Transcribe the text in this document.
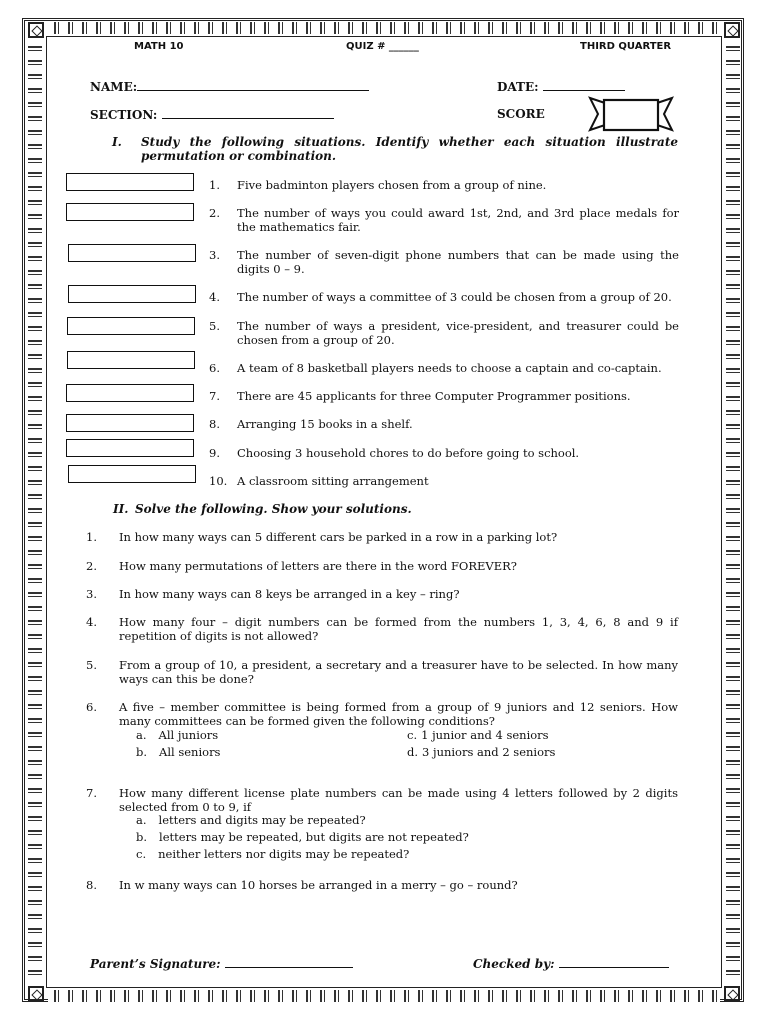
MATH 10	QUIZ # ______	THIRD QUARTER
NAME:	DATE:
SECTION:	SCORE
I. Study the following situations. Identify whether each situation illustrate permutation or combination.
1. Five badminton players chosen from a group of nine.
2. The number of ways you could award 1st, 2nd, and 3rd place medals for the mathematics fair.
3. The number of seven-digit phone numbers that can be made using the digits 0 – 9.
4. The number of ways a committee of 3 could be chosen from a group of 20.
5. The number of ways a president, vice-president, and treasurer could be chosen from a group of 20.
6. A team of 8 basketball players needs to choose a captain and co-captain.
7. There are 45 applicants for three Computer Programmer positions.
8. Arranging 15 books in a shelf.
9. Choosing 3 household chores to do before going to school.
10. A classroom sitting arrangement
II. Solve the following. Show your solutions.
1. In how many ways can 5 different cars be parked in a row in a parking lot?
2. How many permutations of letters are there in the word FOREVER?
3. In how many ways can 8 keys be arranged in a key – ring?
4. How many four – digit numbers can be formed from the numbers 1, 3, 4, 6, 8 and 9 if repetition of digits is not allowed?
5. From a group of 10, a president, a secretary and a treasurer have to be selected. In how many ways can this be done?
6. A five – member committee is being formed from a group of 9 juniors and 12 seniors. How many committees can be formed given the following conditions?
a. All juniors
b. All seniors
c. 1 junior and 4 seniors
d. 3 juniors and 2 seniors
7. How many different license plate numbers can be made using 4 letters followed by 2 digits selected from 0 to 9, if
a. letters and digits may be repeated?
b. letters may be repeated, but digits are not repeated?
c. neither letters nor digits may be repeated?
8. In w many ways can 10 horses be arranged in a merry – go – round?
Parent’s Signature:	Checked by:
